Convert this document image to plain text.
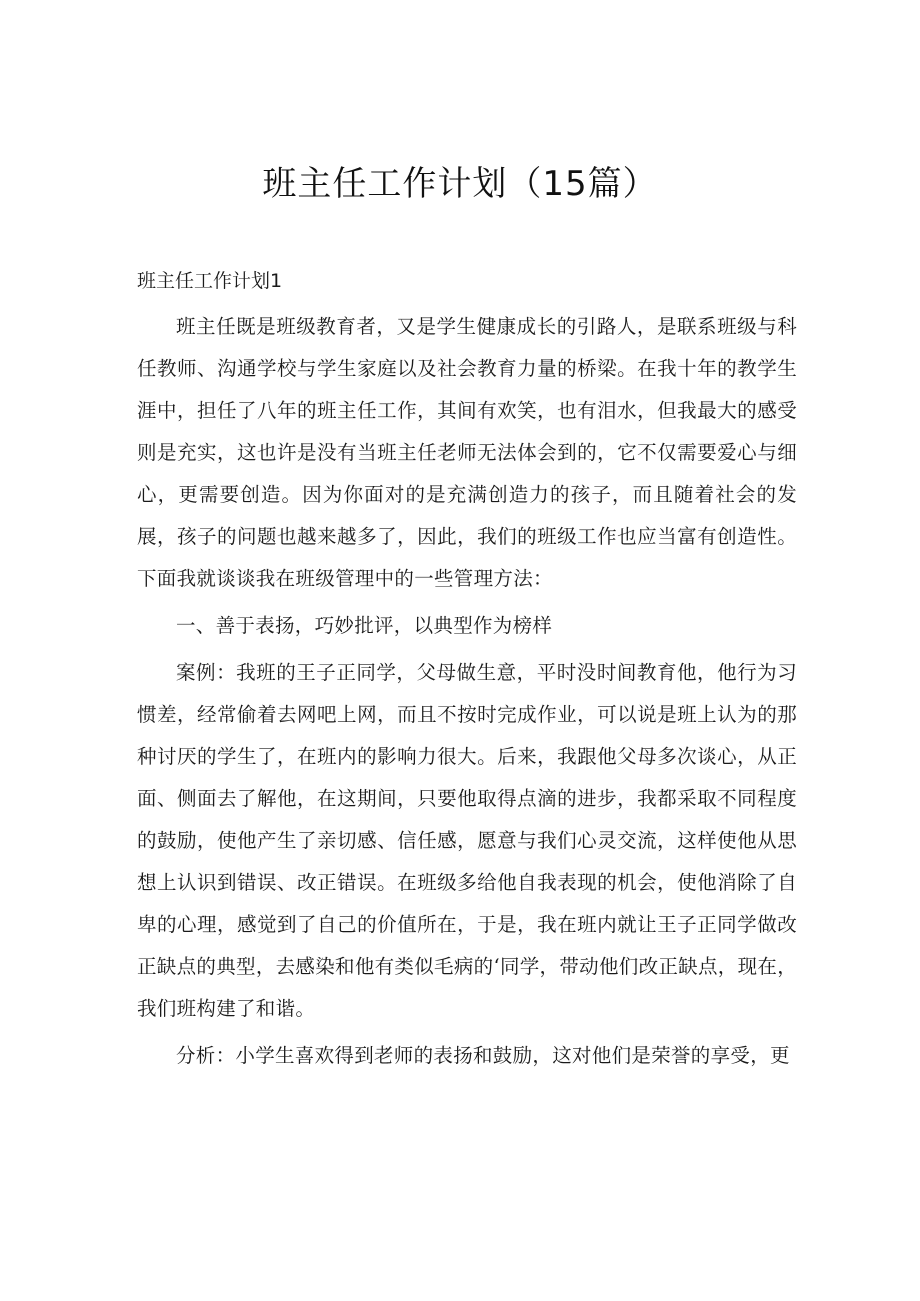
班主任工作计划（15篇）
班主任工作计划1

班主任既是班级教育者，又是学生健康成长的引路人，是联系班级与科任教师、沟通学校与学生家庭以及社会教育力量的桥梁。在我十年的教学生涯中，担任了八年的班主任工作，其间有欢笑，也有泪水，但我最大的感受则是充实，这也许是没有当班主任老师无法体会到的，它不仅需要爱心与细心，更需要创造。因为你面对的是充满创造力的孩子，而且随着社会的发展，孩子的问题也越来越多了，因此，我们的班级工作也应当富有创造性。下面我就谈谈我在班级管理中的一些管理方法：

一、善于表扬，巧妙批评，以典型作为榜样

案例：我班的王子正同学，父母做生意，平时没时间教育他，他行为习惯差，经常偷着去网吧上网，而且不按时完成作业，可以说是班上认为的那种讨厌的学生了，在班内的影响力很大。后来，我跟他父母多次谈心，从正面、侧面去了解他，在这期间，只要他取得点滴的进步，我都采取不同程度的鼓励，使他产生了亲切感、信任感，愿意与我们心灵交流，这样使他从思想上认识到错误、改正错误。在班级多给他自我表现的机会，使他消除了自卑的心理，感觉到了自己的价值所在，于是，我在班内就让王子正同学做改正缺点的典型，去感染和他有类似毛病的‘同学，带动他们改正缺点，现在，我们班构建了和谐。

分析：小学生喜欢得到老师的表扬和鼓励，这对他们是荣誉的享受，更
